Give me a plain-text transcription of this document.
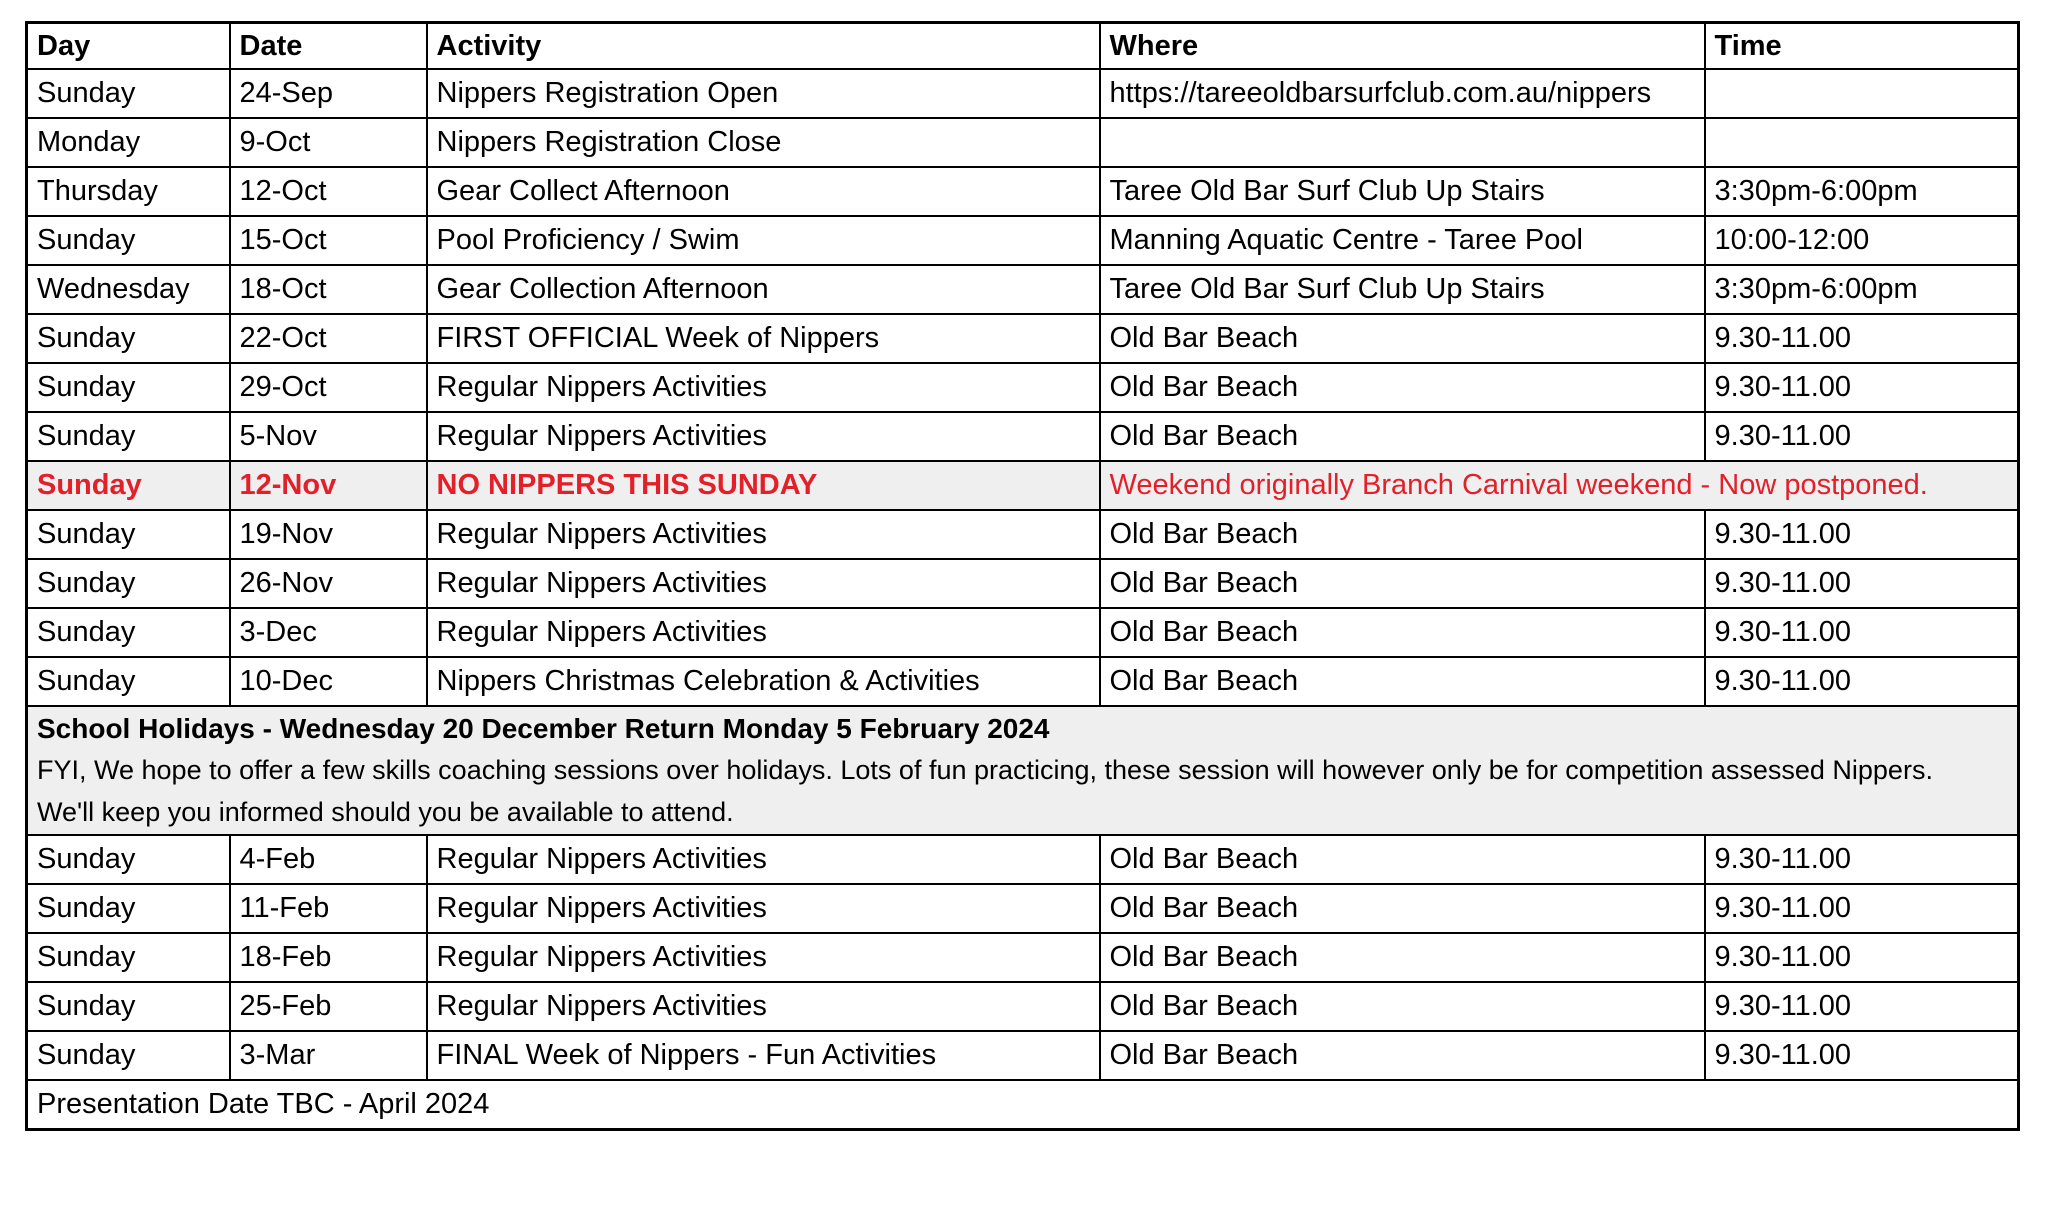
Day	Date	Activity	Where	Time
Sunday	24-Sep	Nippers Registration Open	https://tareeoldbarsurfclub.com.au/nippers	
Monday	9-Oct	Nippers Registration Close		
Thursday	12-Oct	Gear Collect Afternoon	Taree Old Bar Surf Club Up Stairs	3:30pm-6:00pm
Sunday	15-Oct	Pool Proficiency / Swim	Manning Aquatic Centre - Taree Pool	10:00-12:00
Wednesday	18-Oct	Gear Collection Afternoon	Taree Old Bar Surf Club Up Stairs	3:30pm-6:00pm
Sunday	22-Oct	FIRST OFFICIAL Week of Nippers	Old Bar Beach	9.30-11.00
Sunday	29-Oct	Regular Nippers Activities	Old Bar Beach	9.30-11.00
Sunday	5-Nov	Regular Nippers Activities	Old Bar Beach	9.30-11.00
Sunday	12-Nov	NO NIPPERS THIS SUNDAY	Weekend originally Branch Carnival weekend - Now postponed.	
Sunday	19-Nov	Regular Nippers Activities	Old Bar Beach	9.30-11.00
Sunday	26-Nov	Regular Nippers Activities	Old Bar Beach	9.30-11.00
Sunday	3-Dec	Regular Nippers Activities	Old Bar Beach	9.30-11.00
Sunday	10-Dec	Nippers Christmas Celebration & Activities	Old Bar Beach	9.30-11.00

School Holidays - Wednesday 20 December Return Monday 5 February 2024
FYI, We hope to offer a few skills coaching sessions over holidays. Lots of fun practicing, these session will however only be for competition assessed Nippers.
We'll keep you informed should you be available to attend.				

Sunday	4-Feb	Regular Nippers Activities	Old Bar Beach	9.30-11.00
Sunday	11-Feb	Regular Nippers Activities	Old Bar Beach	9.30-11.00
Sunday	18-Feb	Regular Nippers Activities	Old Bar Beach	9.30-11.00
Sunday	25-Feb	Regular Nippers Activities	Old Bar Beach	9.30-11.00
Sunday	3-Mar	FINAL Week of Nippers - Fun Activities	Old Bar Beach	9.30-11.00
Presentation Date TBC - April 2024				
